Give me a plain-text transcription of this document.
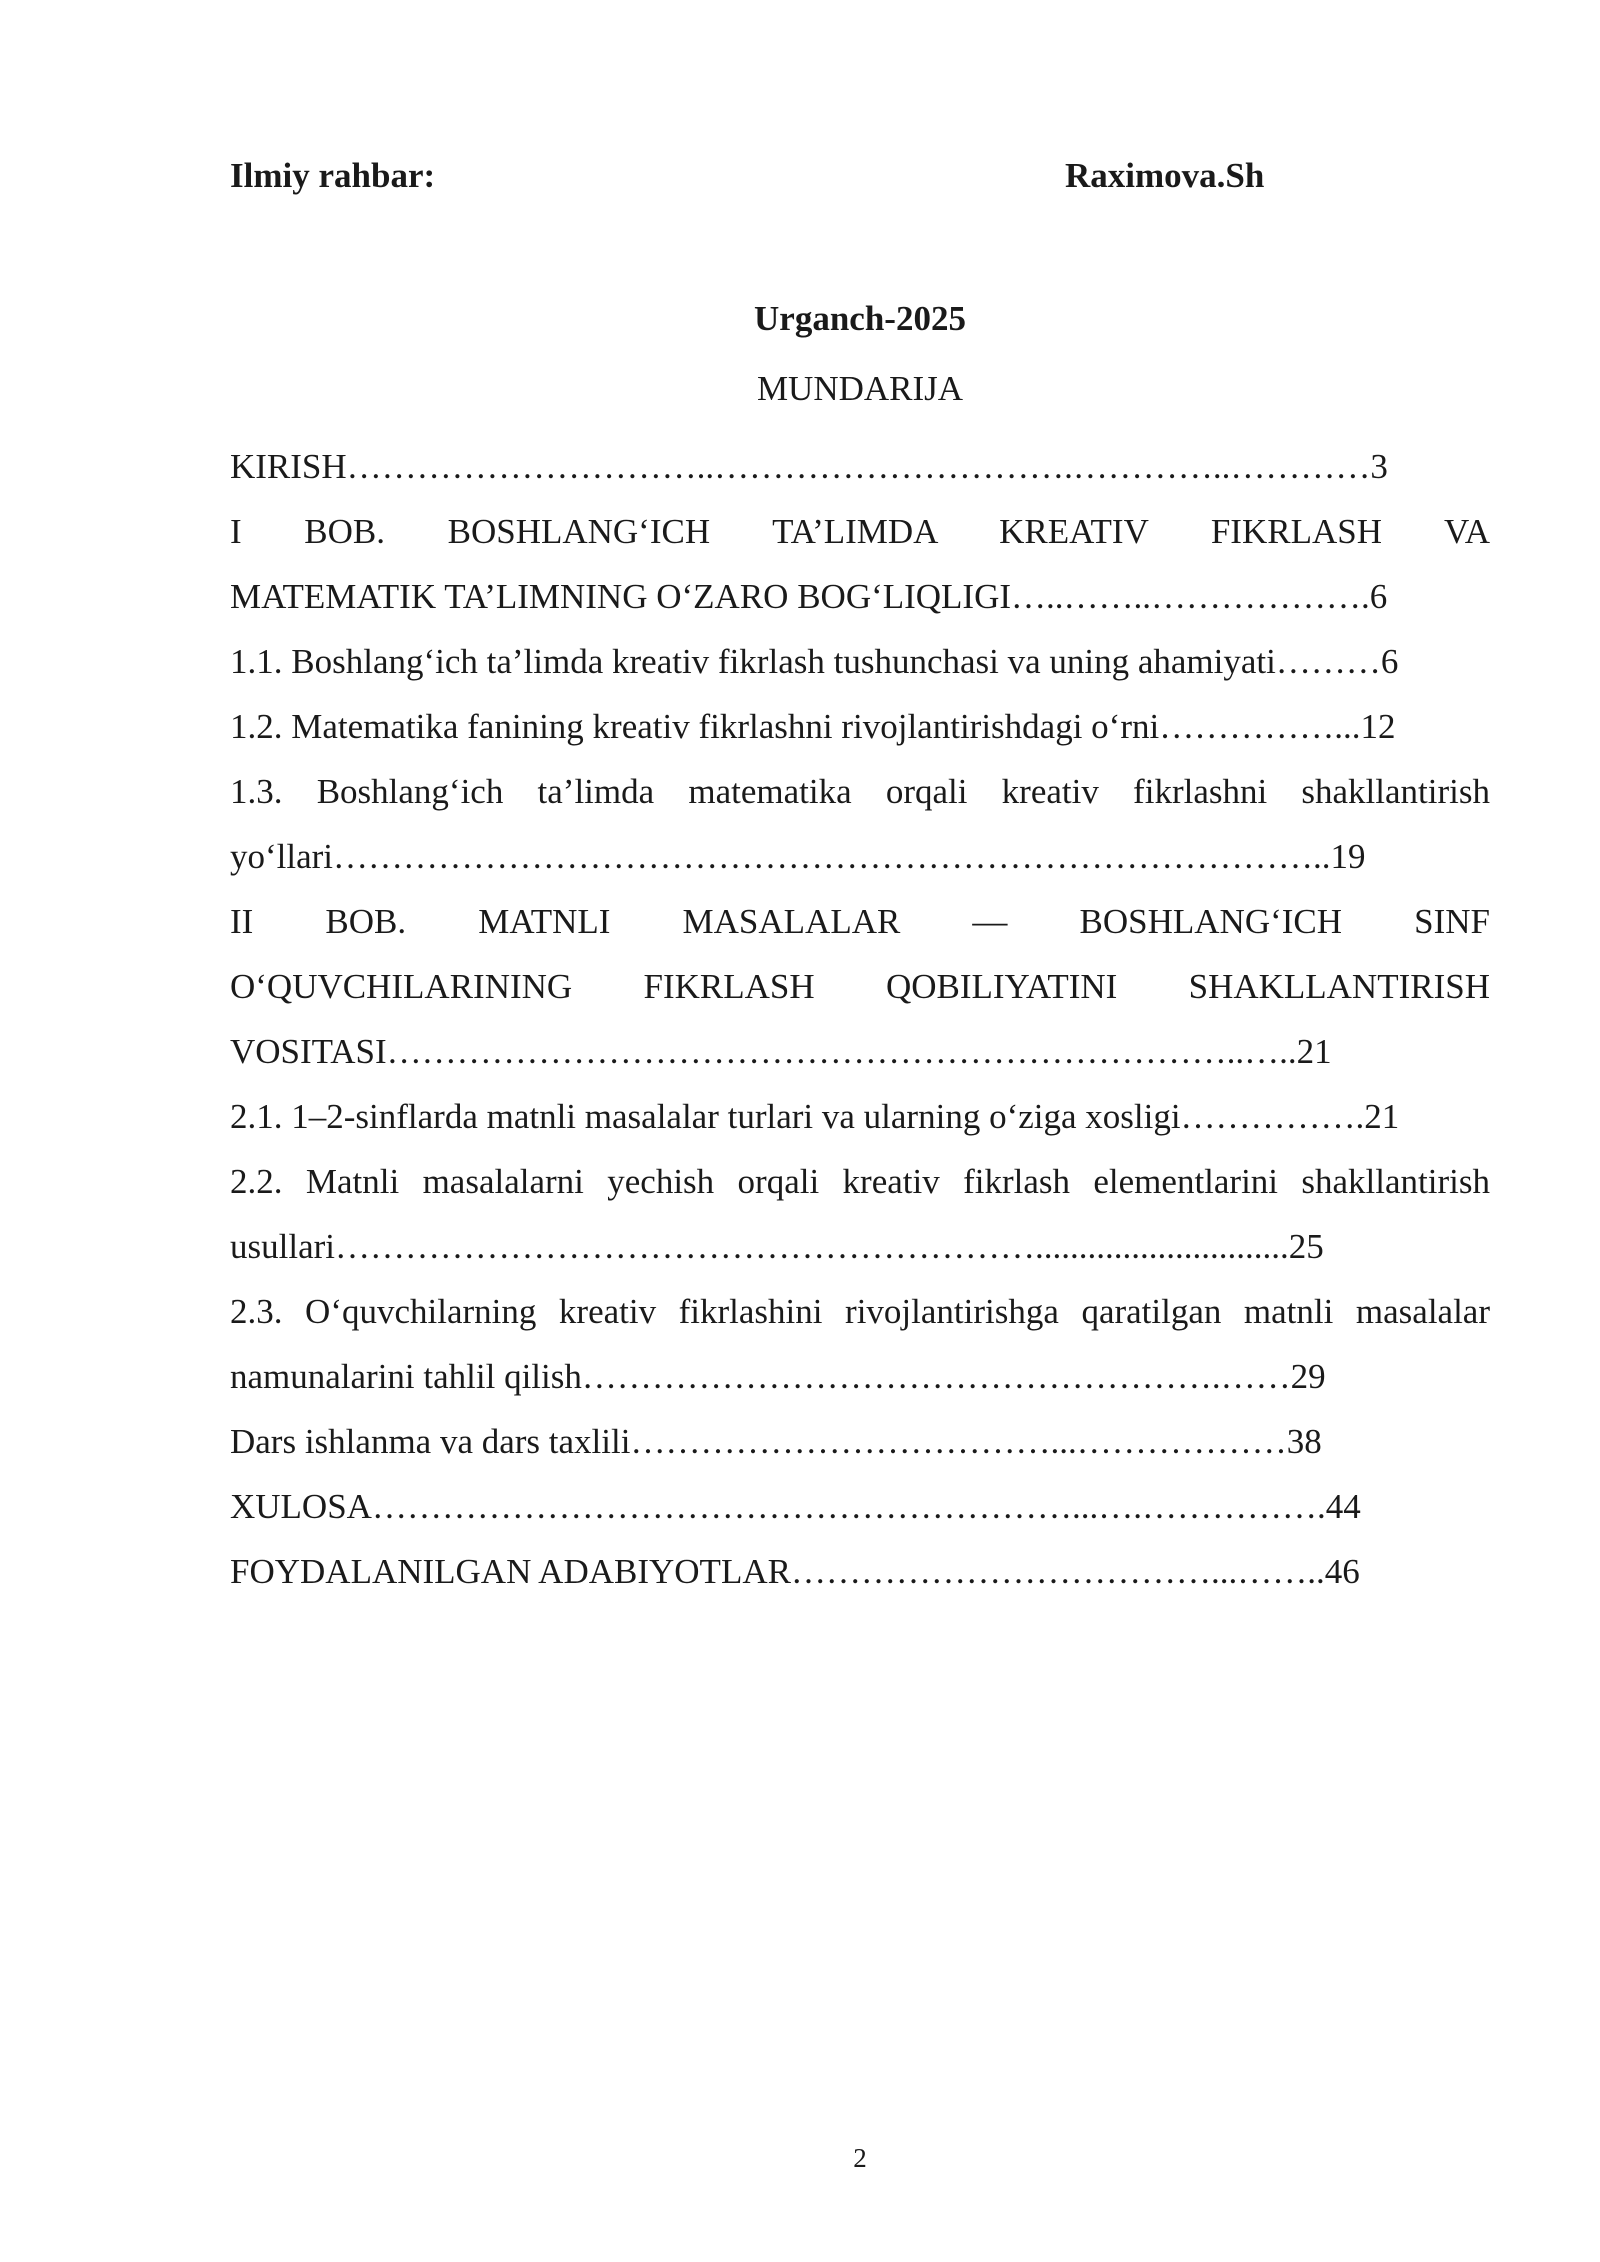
Ilmiy rahbar:	Raximova.Sh
Urganch-2025
MUNDARIJA
KIRISH…………………………..………………………….…………..…………3
I BOB. BOSHLANG‘ICH TA’LIMDA KREATIV FIKRLASH VA
MATEMATIK TA’LIMNING O‘ZARO BOG‘LIQLIGI…..……..……………….6
1.1. Boshlang‘ich ta’limda kreativ fikrlash tushunchasi va uning ahamiyati………6
1.2. Matematika fanining kreativ fikrlashni rivojlantirishdagi o‘rni……………...12
1.3. Boshlang‘ich ta’limda matematika orqali kreativ fikrlashni shakllantirish
yo‘llari…………………………………………………………………………..19
II BOB. MATNLI MASALALAR — BOSHLANG‘ICH SINF
O‘QUVCHILARINING FIKRLASH QOBILIYATINI SHAKLLANTIRISH
VOSITASI………………………………………………………………..…..21
2.1. 1–2-sinflarda matnli masalalar turlari va ularning o‘ziga xosligi…………….21
2.2. Matnli masalalarni yechish orqali kreativ fikrlash elementlarini shakllantirish
usullari…………………………………………………….............................25
2.3. O‘quvchilarning kreativ fikrlashini rivojlantirishga qaratilgan matnli masalalar
namunalarini tahlil qilish……………………………………………….……29
Dars ishlanma va dars taxlili………………………………...………………38
XULOSA……………………………………………………...….…………….44
FOYDALANILGAN ADABIYOTLAR………………………………...……..46
2
